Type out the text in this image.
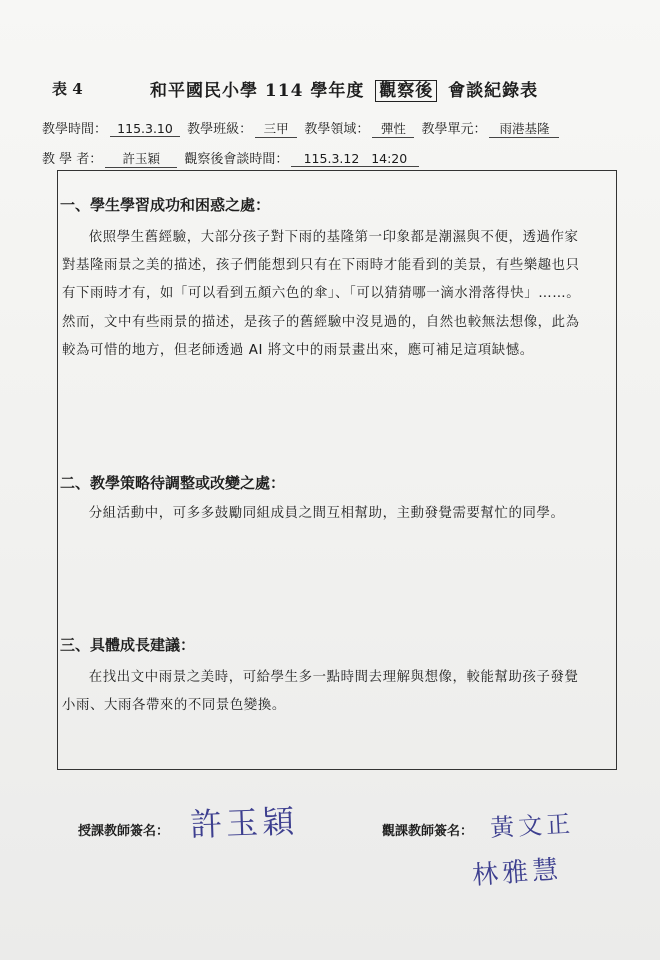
表 4	和平國民小學 114 學年度 觀察後 會談紀錄表
教學時間： 115.3.10 教學班級： 三甲 教學領域： 彈性 教學單元： 雨港基隆
教 學 者： 許玉穎 觀察後會談時間： 115.3.12   14:20
一、學生學習成功和困惑之處：

依照學生舊經驗，大部分孩子對下雨的基隆第一印象都是潮濕與不便，透過作家對基隆雨景之美的描述，孩子們能想到只有在下雨時才能看到的美景，有些樂趣也只有下雨時才有，如「可以看到五顏六色的傘」、「可以猜猜哪一滴水滑落得快」……。然而，文中有些雨景的描述，是孩子的舊經驗中沒見過的，自然也較無法想像，此為較為可惜的地方，但老師透過 AI 將文中的雨景畫出來，應可補足這項缺憾。

二、教學策略待調整或改變之處：

分組活動中，可多多鼓勵同組成員之間互相幫助，主動發覺需要幫忙的同學。

三、具體成長建議：

在找出文中雨景之美時，可給學生多一點時間去理解與想像，較能幫助孩子發覺小雨、大雨各帶來的不同景色變換。

授課教師簽名： 許玉穎	觀課教師簽名： 黃文正
林雅慧
